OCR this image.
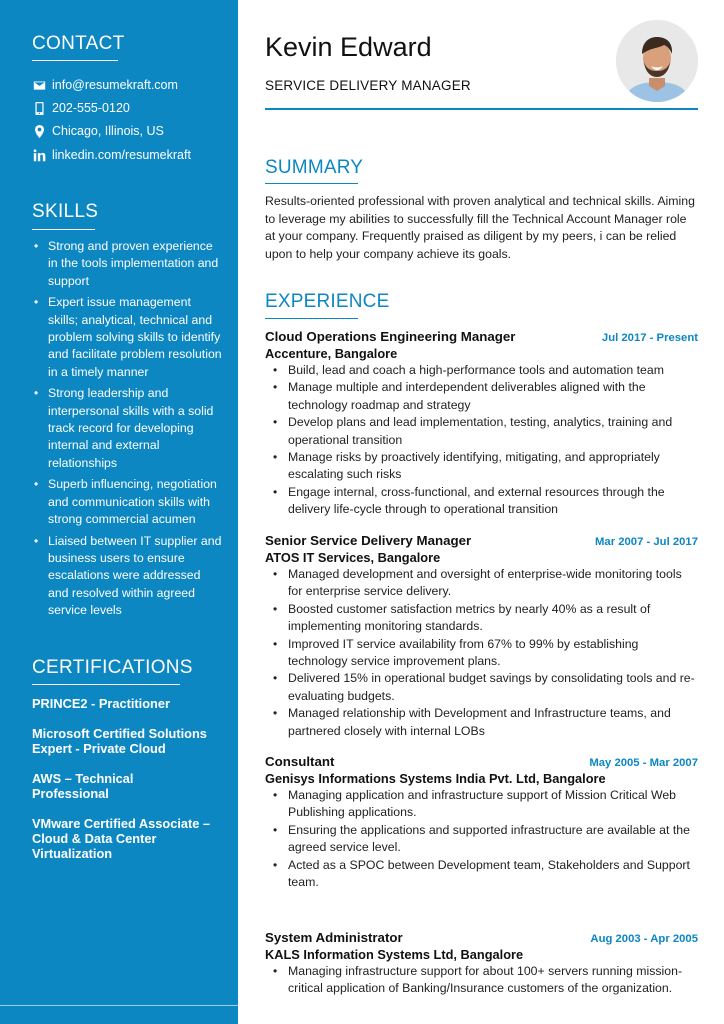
CONTACT
info@resumekraft.com
202-555-0120
Chicago, Illinois, US
linkedin.com/resumekraft
SKILLS
• Strong and proven experience in the tools implementation and support
• Expert issue management skills; analytical, technical and problem solving skills to identify and facilitate problem resolution in a timely manner
• Strong leadership and interpersonal skills with a solid track record for developing internal and external relationships
• Superb influencing, negotiation and communication skills with strong commercial acumen
• Liaised between IT supplier and business users to ensure escalations were addressed and resolved within agreed service levels
CERTIFICATIONS
PRINCE2 - Practitioner
Microsoft Certified Solutions Expert - Private Cloud
AWS – Technical Professional
VMware Certified Associate – Cloud & Data Center Virtualization
Kevin Edward
SERVICE DELIVERY MANAGER
SUMMARY

Results-oriented professional with proven analytical and technical skills. Aiming to leverage my abilities to successfully fill the Technical Account Manager role at your company. Frequently praised as diligent by my peers, i can be relied upon to help your company achieve its goals.

EXPERIENCE
Cloud Operations Engineering Manager	Jul 2017 - Present
Accenture, Bangalore
• Build, lead and coach a high-performance tools and automation team
• Manage multiple and interdependent deliverables aligned with the technology roadmap and strategy
• Develop plans and lead implementation, testing, analytics, training and operational transition
• Manage risks by proactively identifying, mitigating, and appropriately escalating such risks
• Engage internal, cross-functional, and external resources through the delivery life-cycle through to operational transition
Senior Service Delivery Manager	Mar 2007 - Jul 2017
ATOS IT Services, Bangalore
• Managed development and oversight of enterprise-wide monitoring tools for enterprise service delivery.
• Boosted customer satisfaction metrics by nearly 40% as a result of implementing monitoring standards.
• Improved IT service availability from 67% to 99% by establishing technology service improvement plans.
• Delivered 15% in operational budget savings by consolidating tools and re-evaluating budgets.
• Managed relationship with Development and Infrastructure teams, and partnered closely with internal LOBs
Consultant	May 2005 - Mar 2007
Genisys Informations Systems India Pvt. Ltd, Bangalore
• Managing application and infrastructure support of Mission Critical Web Publishing applications.
• Ensuring the applications and supported infrastructure are available at the agreed service level.
• Acted as a SPOC between Development team, Stakeholders and Support team.
System Administrator	Aug 2003 - Apr 2005
KALS Information Systems Ltd, Bangalore
• Managing infrastructure support for about 100+ servers running mission-critical application of Banking/Insurance customers of the organization.
